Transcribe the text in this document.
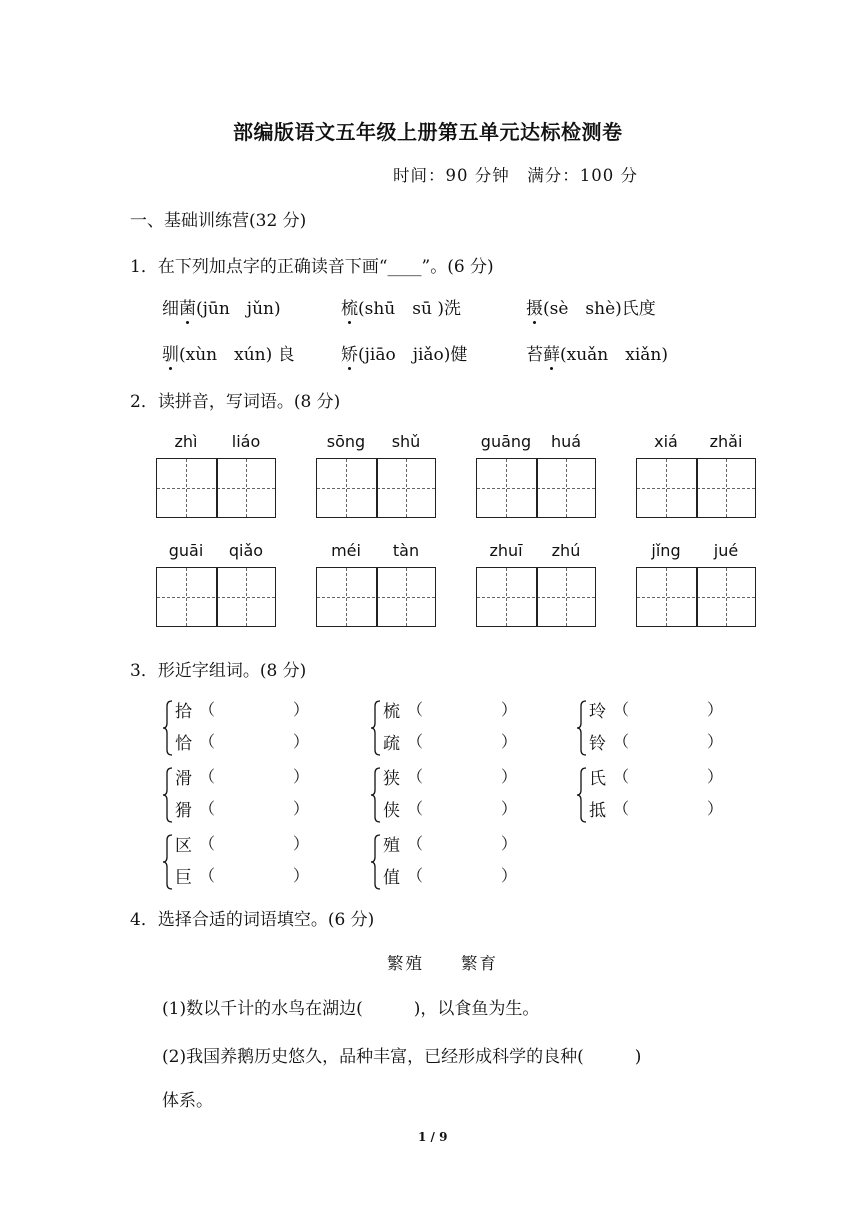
部编版语文五年级上册第五单元达标检测卷
时间：90 分钟　满分：100 分
一、基础训练营(32 分)
1．在下列加点字的正确读音下画“____”。(6 分)
细菌(jūn　jǔn)	梳(shū　sū )洗	摄(sè　shè)氏度
驯(xùn　xún) 良	矫(jiāo　jiǎo)健	苔藓(xuǎn　xiǎn)
2．读拼音，写词语。(8 分)
zhì liáo	sōng shǔ	guāng huá	xiá zhǎi
guāi qiǎo	méi tàn	zhuī zhú	jǐng jué
3．形近字组词。(8 分)
拾 （	）
恰 （	）
梳 （	）
疏 （	）
玲 （	）
铃 （	）
滑 （	）
猾 （	）
狭 （	）
侠 （	）
氏 （	）
抵 （	）
区 （	）
巨 （	）
殖 （	）
值 （	）
4．选择合适的词语填空。(6 分)
繁殖　　繁育
(1)数以千计的水鸟在湖边(　　　)，以食鱼为生。
(2)我国养鹅历史悠久，品种丰富，已经形成科学的良种(　　　)
体系。
1 / 9
